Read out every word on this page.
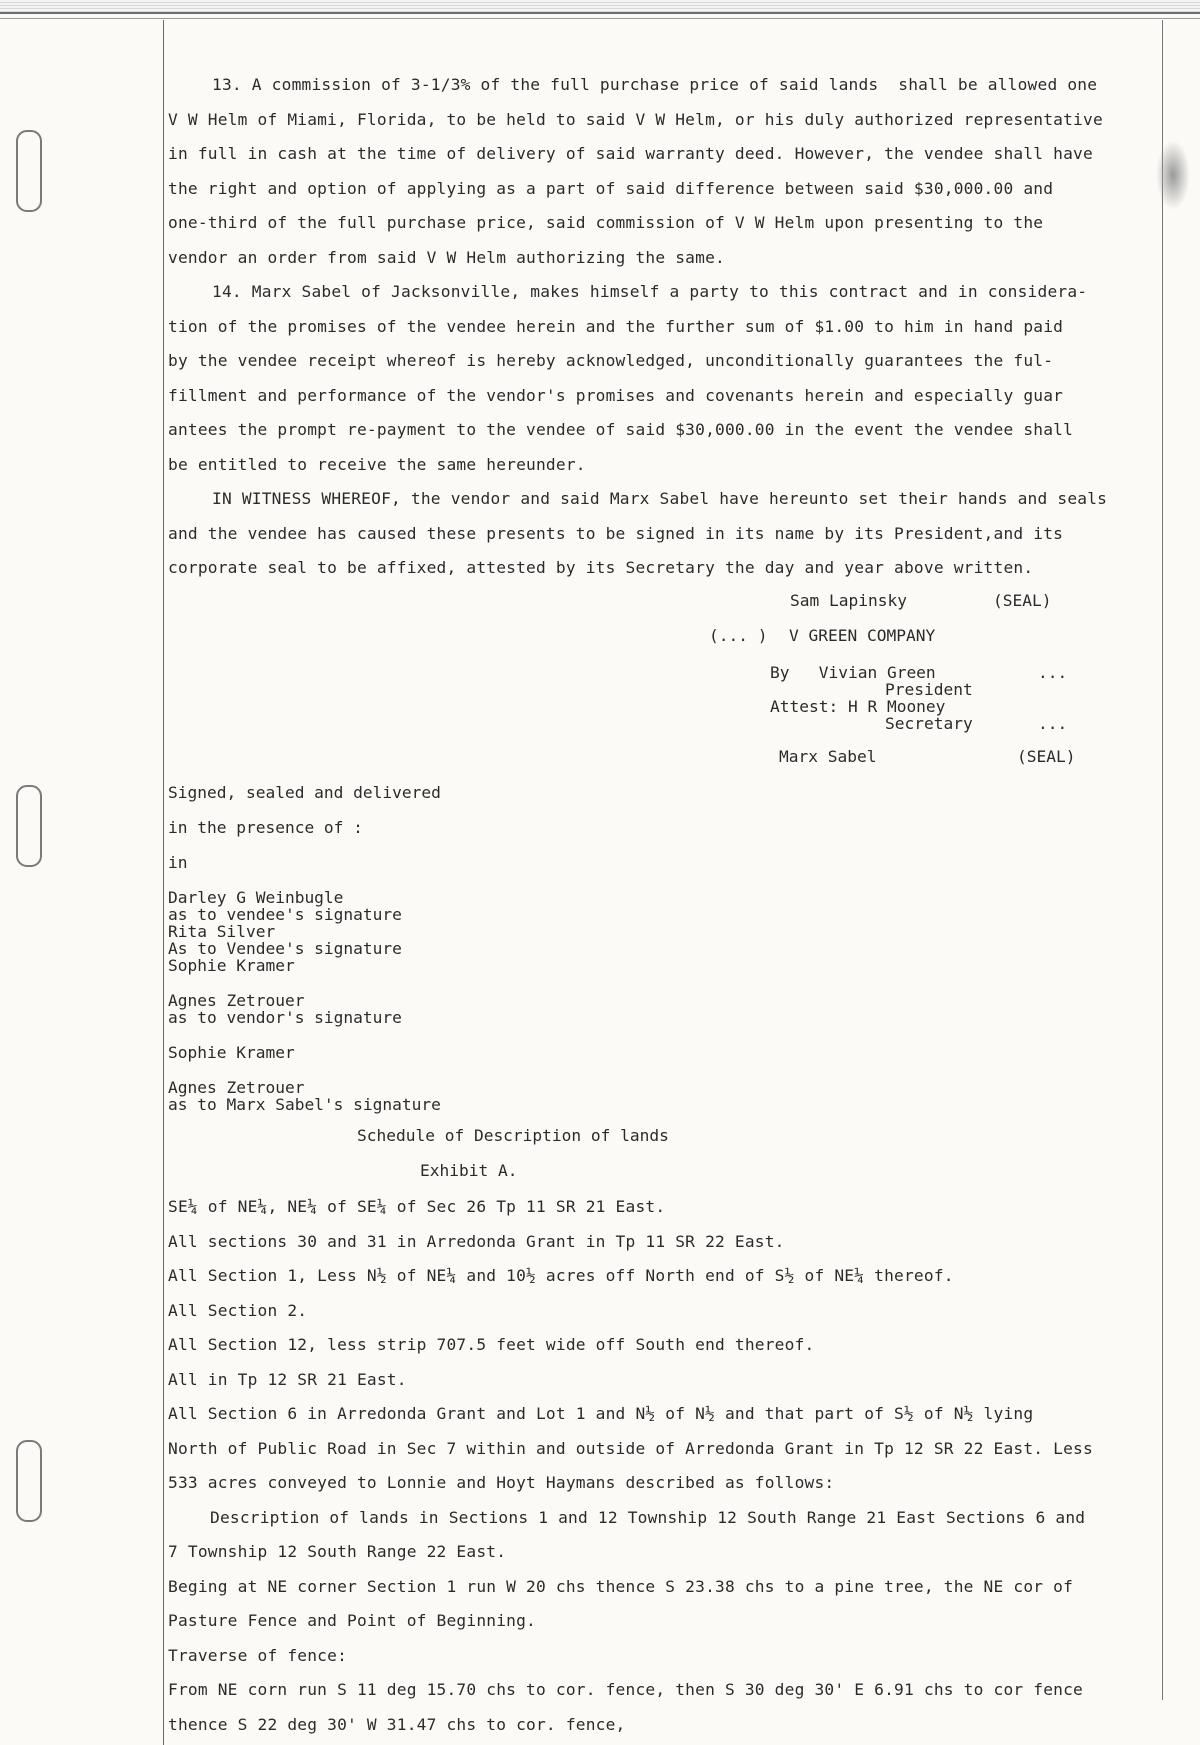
13. A commission of 3-1/3% of the full purchase price of said lands  shall be allowed one
V W Helm of Miami, Florida, to be held to said V W Helm, or his duly authorized representative
in full in cash at the time of delivery of said warranty deed. However, the vendee shall have
the right and option of applying as a part of said difference between said $30,000.00 and
one-third of the full purchase price, said commission of V W Helm upon presenting to the
vendor an order from said V W Helm authorizing the same.
14. Marx Sabel of Jacksonville, makes himself a party to this contract and in considera-
tion of the promises of the vendee herein and the further sum of $1.00 to him in hand paid
by the vendee receipt whereof is hereby acknowledged, unconditionally guarantees the ful-
fillment and performance of the vendor's promises and covenants herein and especially guar
antees the prompt re-payment to the vendee of said $30,000.00 in the event the vendee shall
be entitled to receive the same hereunder.
IN WITNESS WHEREOF, the vendor and said Marx Sabel have hereunto set their hands and seals
and the vendee has caused these presents to be signed in its name by its President,and its
corporate seal to be affixed, attested by its Secretary the day and year above written.
Sam Lapinsky	(SEAL)
(... ) V GREEN COMPANY
By   Vivian Green	...
President
Attest: H R Mooney
Secretary	...
Marx Sabel	(SEAL)
Signed, sealed and delivered
in the presence of :
in
Darley G Weinbugle
as to vendee's signature
Rita Silver
As to Vendee's signature
Sophie Kramer
Agnes Zetrouer
as to vendor's signature
Sophie Kramer
Agnes Zetrouer
as to Marx Sabel's signature
Schedule of Description of lands
Exhibit A.
SE¼ of NE¼, NE¼ of SE¼ of Sec 26 Tp 11 SR 21 East.
All sections 30 and 31 in Arredonda Grant in Tp 11 SR 22 East.
All Section 1, Less N½ of NE¼ and 10½ acres off North end of S½ of NE¼ thereof.
All Section 2.
All Section 12, less strip 707.5 feet wide off South end thereof.
All in Tp 12 SR 21 East.
All Section 6 in Arredonda Grant and Lot 1 and N½ of N½ and that part of S½ of N½ lying
North of Public Road in Sec 7 within and outside of Arredonda Grant in Tp 12 SR 22 East. Less
533 acres conveyed to Lonnie and Hoyt Haymans described as follows:
Description of lands in Sections 1 and 12 Township 12 South Range 21 East Sections 6 and
7 Township 12 South Range 22 East.
Beging at NE corner Section 1 run W 20 chs thence S 23.38 chs to a pine tree, the NE cor of
Pasture Fence and Point of Beginning.
Traverse of fence:
From NE corn run S 11 deg 15.70 chs to cor. fence, then S 30 deg 30' E 6.91 chs to cor fence
thence S 22 deg 30' W 31.47 chs to cor. fence,
